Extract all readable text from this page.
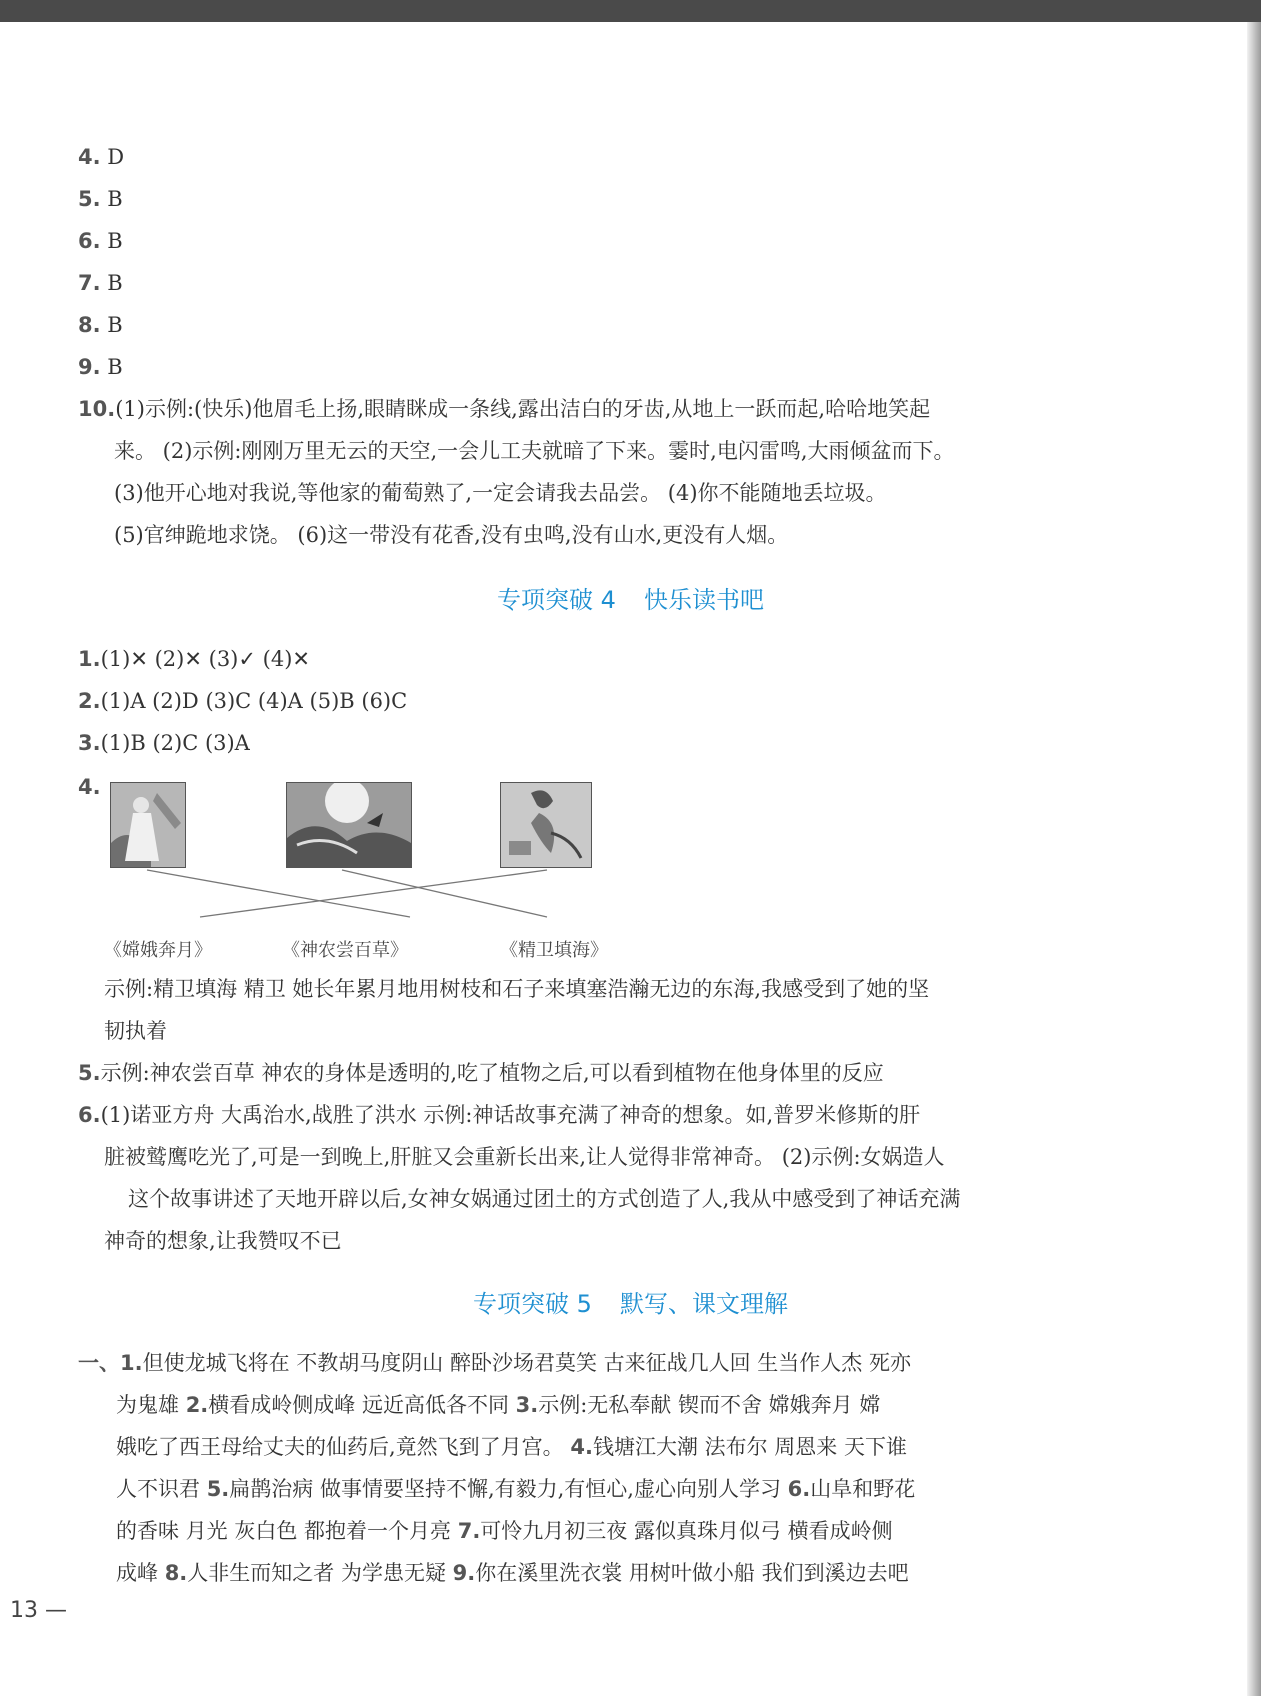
4. D
5. B
6. B
7. B
8. B
9. B
10.(1)示例:(快乐)他眉毛上扬,眼睛眯成一条线,露出洁白的牙齿,从地上一跃而起,哈哈地笑起
来。 (2)示例:刚刚万里无云的天空,一会儿工夫就暗了下来。霎时,电闪雷鸣,大雨倾盆而下。
(3)他开心地对我说,等他家的葡萄熟了,一定会请我去品尝。 (4)你不能随地丢垃圾。
(5)官绅跪地求饶。 (6)这一带没有花香,没有虫鸣,没有山水,更没有人烟。
专项突破 4 快乐读书吧
1.(1)✕ (2)✕ (3)✓ (4)✕
2.(1)A (2)D (3)C (4)A (5)B (6)C
3.(1)B (2)C (3)A
4.
《嫦娥奔月》	《神农尝百草》	《精卫填海》
示例:精卫填海 精卫 她长年累月地用树枝和石子来填塞浩瀚无边的东海,我感受到了她的坚
韧执着
5.示例:神农尝百草 神农的身体是透明的,吃了植物之后,可以看到植物在他身体里的反应
6.(1)诺亚方舟 大禹治水,战胜了洪水 示例:神话故事充满了神奇的想象。如,普罗米修斯的肝
脏被鹫鹰吃光了,可是一到晚上,肝脏又会重新长出来,让人觉得非常神奇。 (2)示例:女娲造人
这个故事讲述了天地开辟以后,女神女娲通过团土的方式创造了人,我从中感受到了神话充满
神奇的想象,让我赞叹不已
专项突破 5 默写、课文理解
一、1.但使龙城飞将在 不教胡马度阴山 醉卧沙场君莫笑 古来征战几人回 生当作人杰 死亦
为鬼雄 2.横看成岭侧成峰 远近高低各不同 3.示例:无私奉献 锲而不舍 嫦娥奔月 嫦
娥吃了西王母给丈夫的仙药后,竟然飞到了月宫。 4.钱塘江大潮 法布尔 周恩来 天下谁
人不识君 5.扁鹊治病 做事情要坚持不懈,有毅力,有恒心,虚心向别人学习 6.山阜和野花
的香味 月光 灰白色 都抱着一个月亮 7.可怜九月初三夜 露似真珠月似弓 横看成岭侧
成峰 8.人非生而知之者 为学患无疑 9.你在溪里洗衣裳 用树叶做小船 我们到溪边去吧
13 —
